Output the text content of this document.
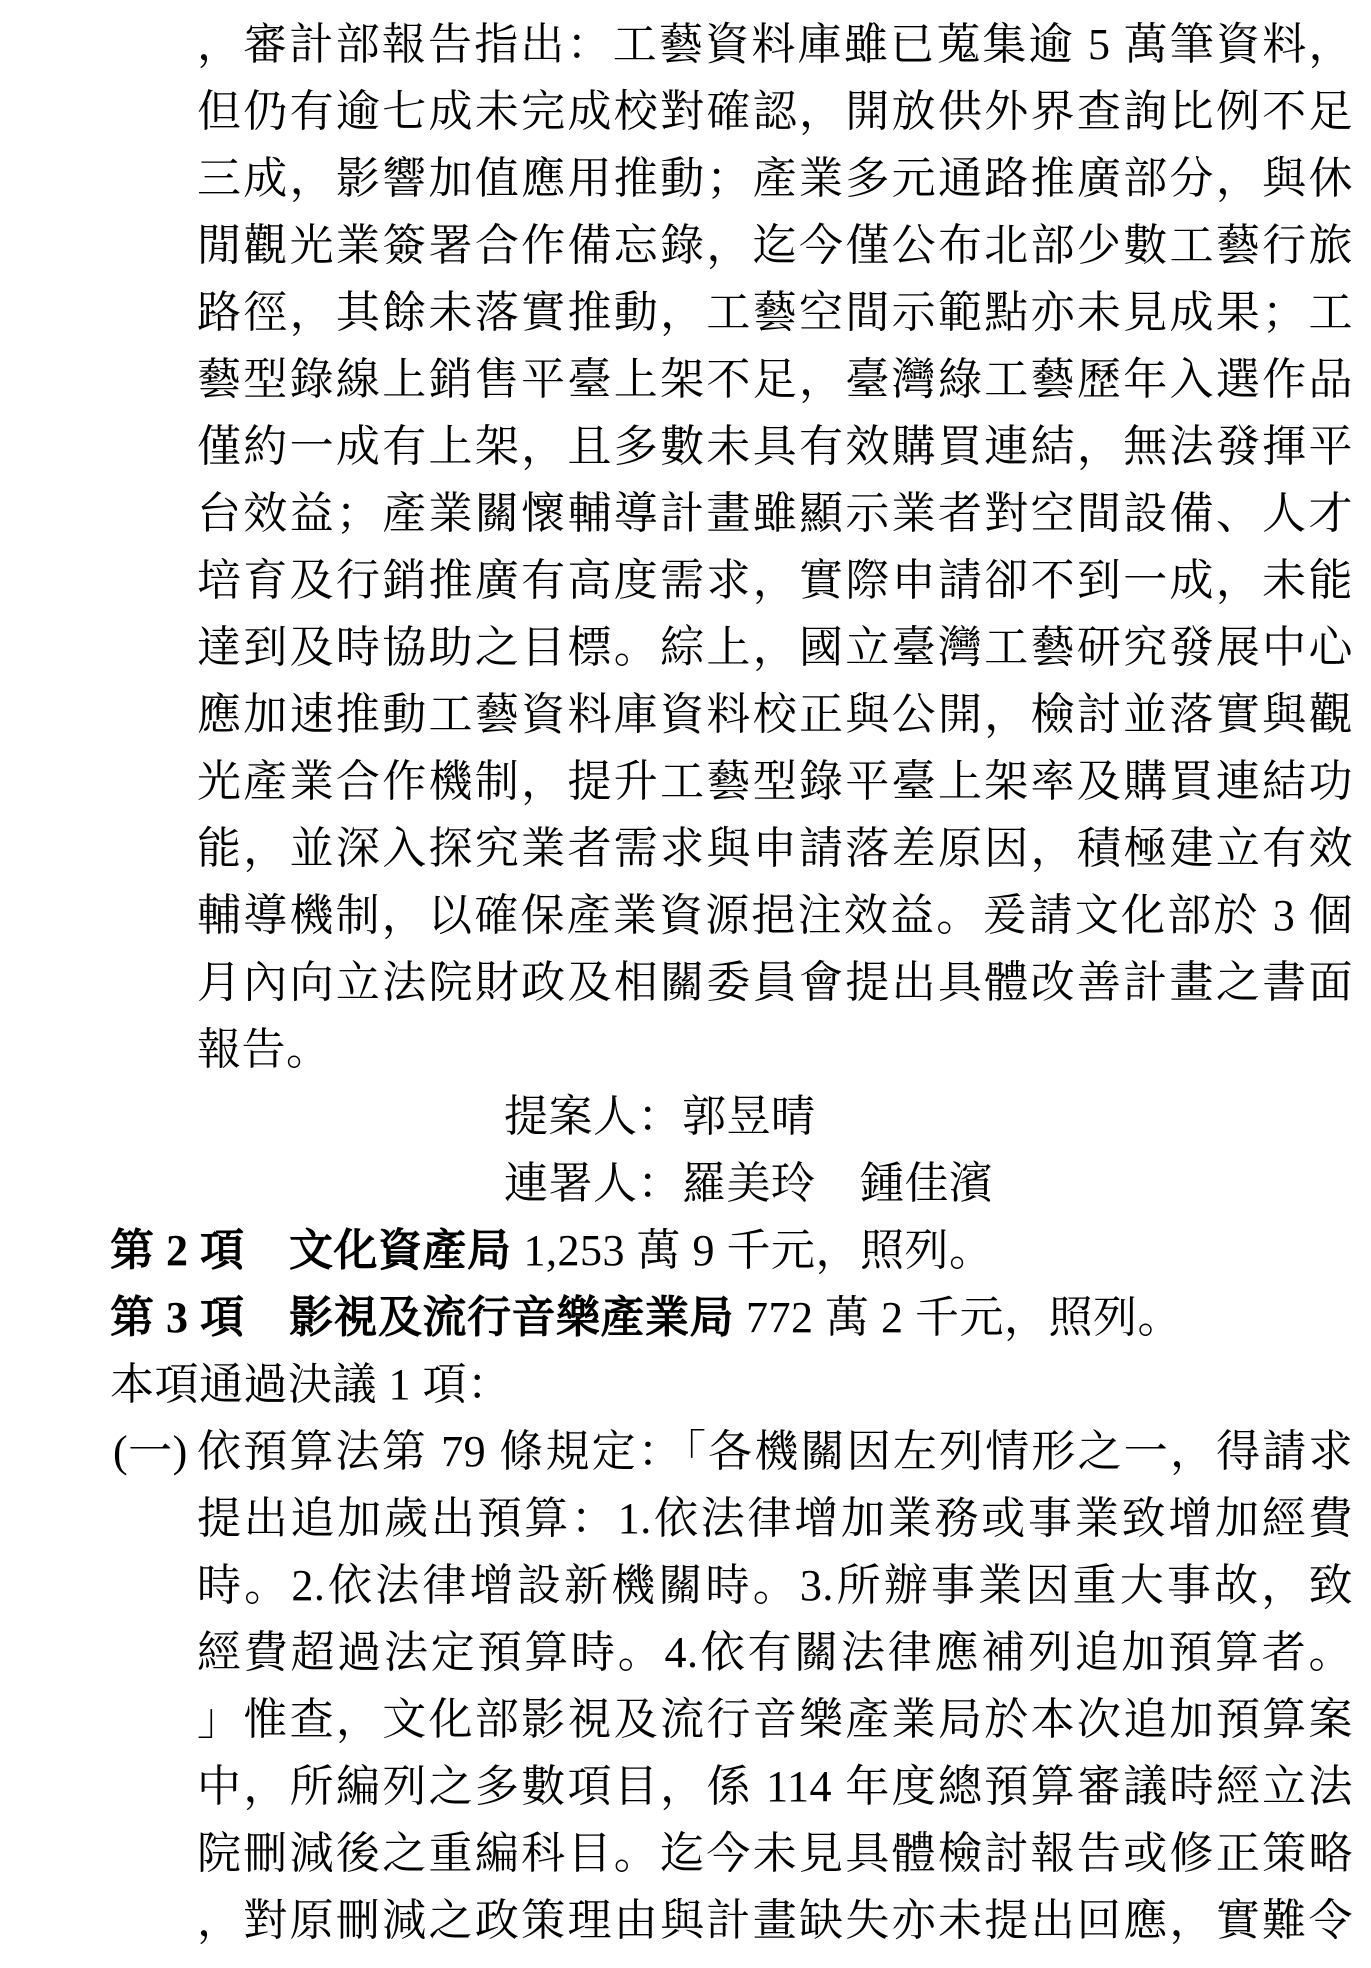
，審計部報告指出：工藝資料庫雖已蒐集逾 5 萬筆資料，
但仍有逾七成未完成校對確認，開放供外界查詢比例不足
三成，影響加值應用推動；產業多元通路推廣部分，與休
閒觀光業簽署合作備忘錄，迄今僅公布北部少數工藝行旅
路徑，其餘未落實推動，工藝空間示範點亦未見成果；工
藝型錄線上銷售平臺上架不足，臺灣綠工藝歷年入選作品
僅約一成有上架，且多數未具有效購買連結，無法發揮平
台效益；產業關懷輔導計畫雖顯示業者對空間設備、人才
培育及行銷推廣有高度需求，實際申請卻不到一成，未能
達到及時協助之目標。綜上，國立臺灣工藝研究發展中心
應加速推動工藝資料庫資料校正與公開，檢討並落實與觀
光產業合作機制，提升工藝型錄平臺上架率及購買連結功
能，並深入探究業者需求與申請落差原因，積極建立有效
輔導機制，以確保產業資源挹注效益。爰請文化部於 3 個
月內向立法院財政及相關委員會提出具體改善計畫之書面
報告。
提案人：郭昱晴
連署人：羅美玲　鍾佳濱
第 2 項　文化資產局 1,253 萬 9 千元，照列。
第 3 項　影視及流行音樂產業局 772 萬 2 千元，照列。
本項通過決議 1 項：
(一) 依預算法第 79 條規定：「各機關因左列情形之一，得請求
提出追加歲出預算：1.依法律增加業務或事業致增加經費
時。2.依法律增設新機關時。3.所辦事業因重大事故，致
經費超過法定預算時。4.依有關法律應補列追加預算者。
」惟查，文化部影視及流行音樂產業局於本次追加預算案
中，所編列之多數項目，係 114 年度總預算審議時經立法
院刪減後之重編科目。迄今未見具體檢討報告或修正策略
，對原刪減之政策理由與計畫缺失亦未提出回應，實難令
